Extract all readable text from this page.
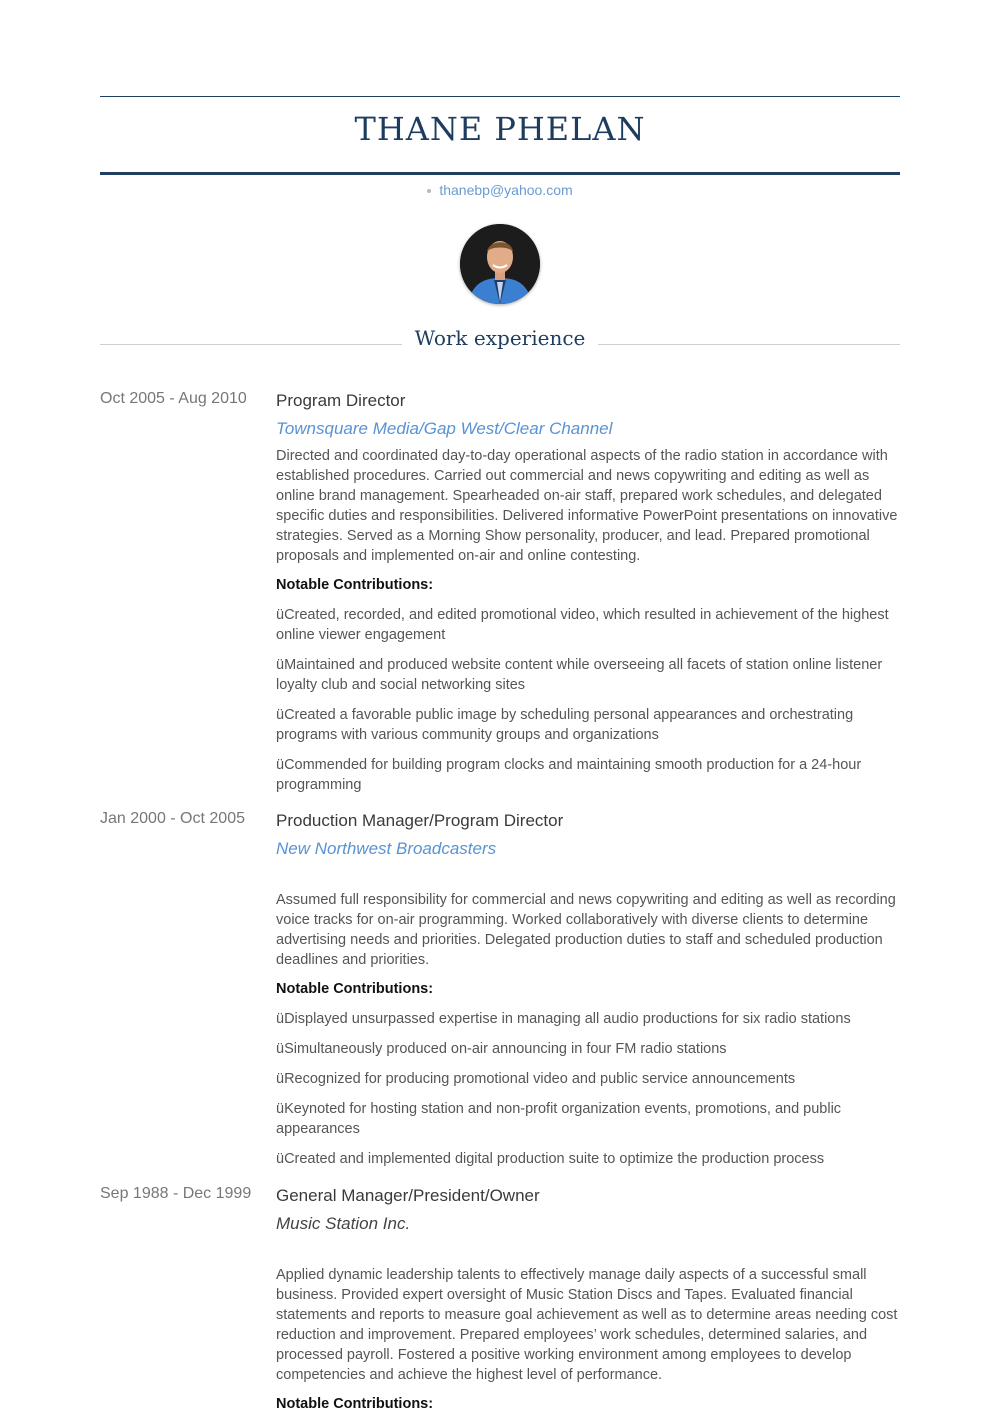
THANE PHELAN
thanebp@yahoo.com
Work experience
Oct 2005 - Aug 2010 Program Director
Townsquare Media/Gap West/Clear Channel
Directed and coordinated day-to-day operational aspects of the radio station in accordance with established procedures. Carried out commercial and news copywriting and editing as well as online brand management. Spearheaded on-air staff, prepared work schedules, and delegated specific duties and responsibilities. Delivered informative PowerPoint presentations on innovative strategies. Served as a Morning Show personality, producer, and lead. Prepared promotional proposals and implemented on-air and online contesting.
Notable Contributions:
üCreated, recorded, and edited promotional video, which resulted in achievement of the highest online viewer engagement
üMaintained and produced website content while overseeing all facets of station online listener loyalty club and social networking sites
üCreated a favorable public image by scheduling personal appearances and orchestrating programs with various community groups and organizations
üCommended for building program clocks and maintaining smooth production for a 24-hour programming
Jan 2000 - Oct 2005 Production Manager/Program Director
New Northwest Broadcasters
Assumed full responsibility for commercial and news copywriting and editing as well as recording voice tracks for on-air programming. Worked collaboratively with diverse clients to determine advertising needs and priorities. Delegated production duties to staff and scheduled production deadlines and priorities.
Notable Contributions:
üDisplayed unsurpassed expertise in managing all audio productions for six radio stations
üSimultaneously produced on-air announcing in four FM radio stations
üRecognized for producing promotional video and public service announcements
üKeynoted for hosting station and non-profit organization events, promotions, and public appearances
üCreated and implemented digital production suite to optimize the production process
Sep 1988 - Dec 1999 General Manager/President/Owner
Music Station Inc.
Applied dynamic leadership talents to effectively manage daily aspects of a successful small business. Provided expert oversight of Music Station Discs and Tapes. Evaluated financial statements and reports to measure goal achievement as well as to determine areas needing cost reduction and improvement. Prepared employees’ work schedules, determined salaries, and processed payroll. Fostered a positive working environment among employees to develop competencies and achieve the highest level of performance.
Notable Contributions:
